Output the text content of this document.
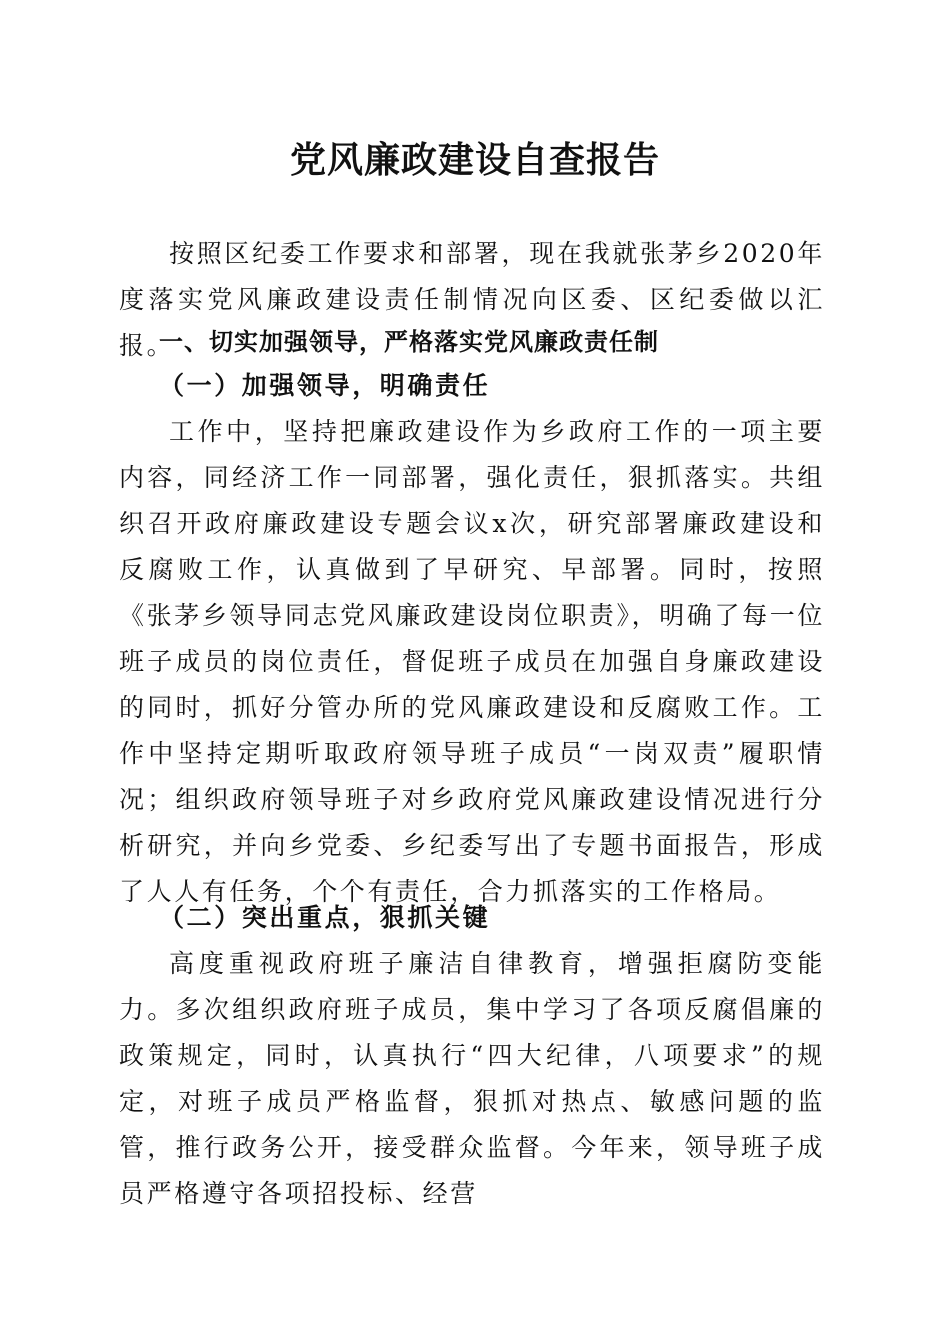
党风廉政建设自查报告

按照区纪委工作要求和部署，现在我就张茅乡2020年度落实党风廉政建设责任制情况向区委、区纪委做以汇报。

一、切实加强领导，严格落实党风廉政责任制
（一）加强领导，明确责任

工作中，坚持把廉政建设作为乡政府工作的一项主要内容，同经济工作一同部署，强化责任，狠抓落实。共组织召开政府廉政建设专题会议x次，研究部署廉政建设和反腐败工作，认真做到了早研究、早部署。同时，按照《张茅乡领导同志党风廉政建设岗位职责》，明确了每一位班子成员的岗位责任，督促班子成员在加强自身廉政建设的同时，抓好分管办所的党风廉政建设和反腐败工作。工作中坚持定期听取政府领导班子成员“一岗双责”履职情况；组织政府领导班子对乡政府党风廉政建设情况进行分析研究，并向乡党委、乡纪委写出了专题书面报告，形成了人人有任务，个个有责任，合力抓落实的工作格局。

（二）突出重点，狠抓关键

高度重视政府班子廉洁自律教育，增强拒腐防变能力。多次组织政府班子成员，集中学习了各项反腐倡廉的政策规定，同时，认真执行“四大纪律，八项要求”的规定，对班子成员严格监督，狠抓对热点、敏感问题的监管，推行政务公开，接受群众监督。今年来，领导班子成员严格遵守各项招投标、经营
